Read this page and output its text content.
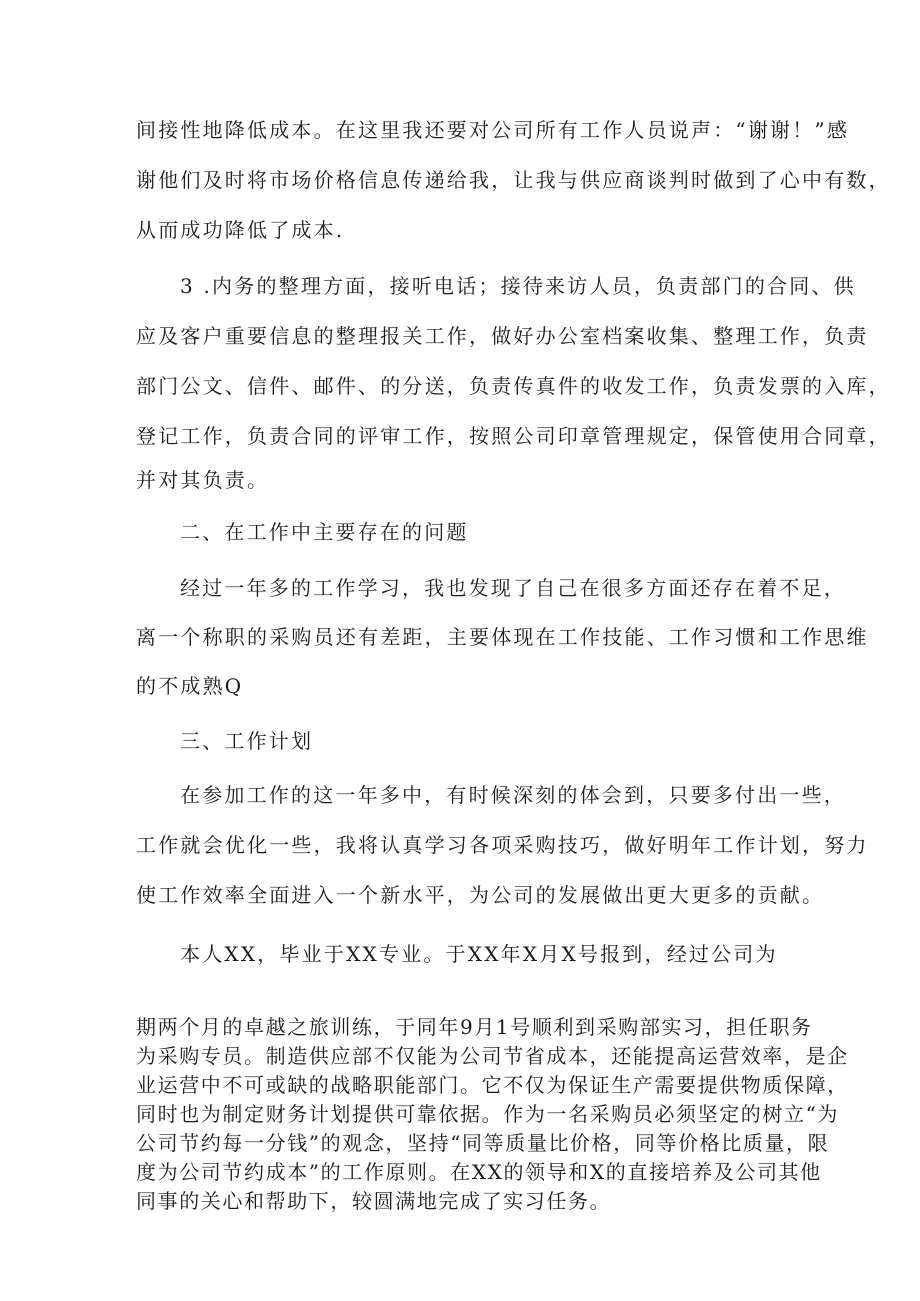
间接性地降低成本。在这里我还要对公司所有工作人员说声：“谢谢！”感
谢他们及时将市场价格信息传递给我，让我与供应商谈判时做到了心中有数，
从而成功降低了成本.
3 .内务的整理方面，接听电话；接待来访人员，负责部门的合同、供
应及客户重要信息的整理报关工作，做好办公室档案收集、整理工作，负责
部门公文、信件、邮件、的分送，负责传真件的收发工作，负责发票的入库，
登记工作，负责合同的评审工作，按照公司印章管理规定，保管使用合同章，
并对其负责。
二、在工作中主要存在的问题
经过一年多的工作学习，我也发现了自己在很多方面还存在着不足，
离一个称职的采购员还有差距，主要体现在工作技能、工作习惯和工作思维
的不成熟Q
三、工作计划
在参加工作的这一年多中，有时候深刻的体会到，只要多付出一些，
工作就会优化一些，我将认真学习各项采购技巧，做好明年工作计划，努力
使工作效率全面进入一个新水平，为公司的发展做出更大更多的贡献。
本人XX，毕业于XX专业。于XX年X月X号报到，经过公司为
期两个月的卓越之旅训练，于同年9月1号顺利到采购部实习，担任职务
为采购专员。制造供应部不仅能为公司节省成本，还能提高运营效率，是企
业运营中不可或缺的战略职能部门。它不仅为保证生产需要提供物质保障，
同时也为制定财务计划提供可靠依据。作为一名采购员必须坚定的树立“为
公司节约每一分钱”的观念，坚持“同等质量比价格，同等价格比质量，限
度为公司节约成本”的工作原则。在XX的领导和X的直接培养及公司其他
同事的关心和帮助下，较圆满地完成了实习任务。
